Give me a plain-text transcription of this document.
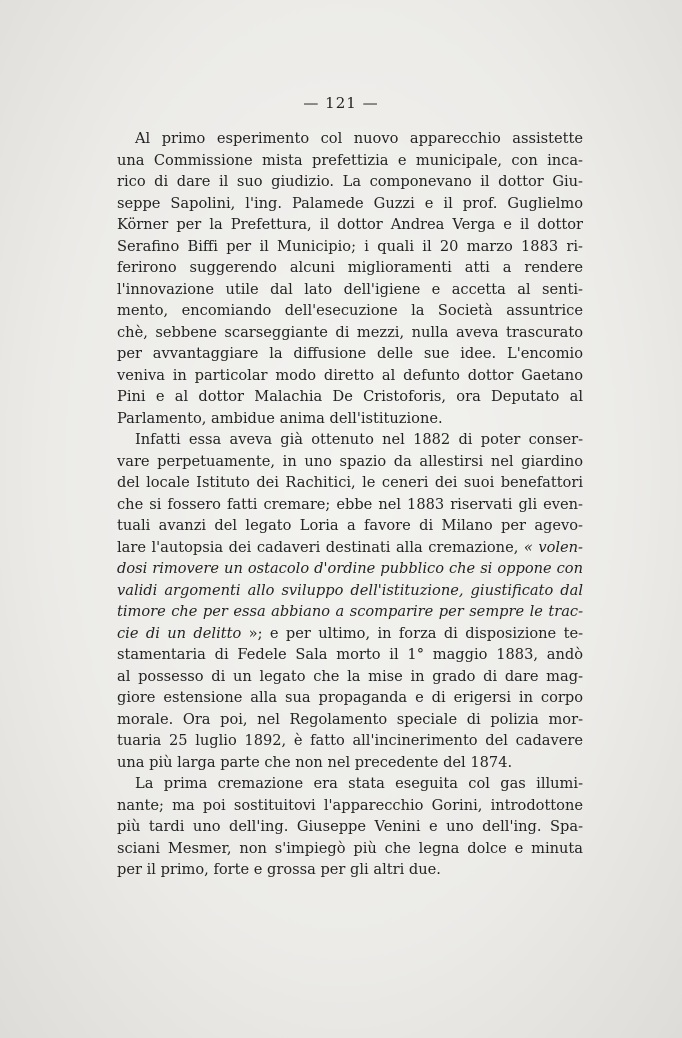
— 121 —
Al primo esperimento col nuovo apparecchio assistette
una Commissione mista prefettizia e municipale, con inca-
rico di dare il suo giudizio. La componevano il dottor Giu-
seppe Sapolini, l'ing. Palamede Guzzi e il prof. Guglielmo
Körner per la Prefettura, il dottor Andrea Verga e il dottor
Serafino Biffi per il Municipio; i quali il 20 marzo 1883 ri-
ferirono suggerendo alcuni miglioramenti atti a rendere
l'innovazione utile dal lato dell'igiene e accetta al senti-
mento, encomiando dell'esecuzione la Società assuntrice
chè, sebbene scarseggiante di mezzi, nulla aveva trascurato
per avvantaggiare la diffusione delle sue idee. L'encomio
veniva in particolar modo diretto al defunto dottor Gaetano
Pini e al dottor Malachia De Cristoforis, ora Deputato al
Parlamento, ambidue anima dell'istituzione.
Infatti essa aveva già ottenuto nel 1882 di poter conser-
vare perpetuamente, in uno spazio da allestirsi nel giardino
del locale Istituto dei Rachitici, le ceneri dei suoi benefattori
che si fossero fatti cremare; ebbe nel 1883 riservati gli even-
tuali avanzi del legato Loria a favore di Milano per agevo-
lare l'autopsia dei cadaveri destinati alla cremazione, « volen-
dosi rimovere un ostacolo d'ordine pubblico che si oppone con
validi argomenti allo sviluppo dell'istituzione, giustificato dal
timore che per essa abbiano a scomparire per sempre le trac-
cie di un delitto »; e per ultimo, in forza di disposizione te-
stamentaria di Fedele Sala morto il 1° maggio 1883, andò
al possesso di un legato che la mise in grado di dare mag-
giore estensione alla sua propaganda e di erigersi in corpo
morale. Ora poi, nel Regolamento speciale di polizia mor-
tuaria 25 luglio 1892, è fatto all'incinerimento del cadavere
una più larga parte che non nel precedente del 1874.
La prima cremazione era stata eseguita col gas illumi-
nante; ma poi sostituitovi l'apparecchio Gorini, introdottone
più tardi uno dell'ing. Giuseppe Venini e uno dell'ing. Spa-
sciani Mesmer, non s'impiegò più che legna dolce e minuta
per il primo, forte e grossa per gli altri due.
